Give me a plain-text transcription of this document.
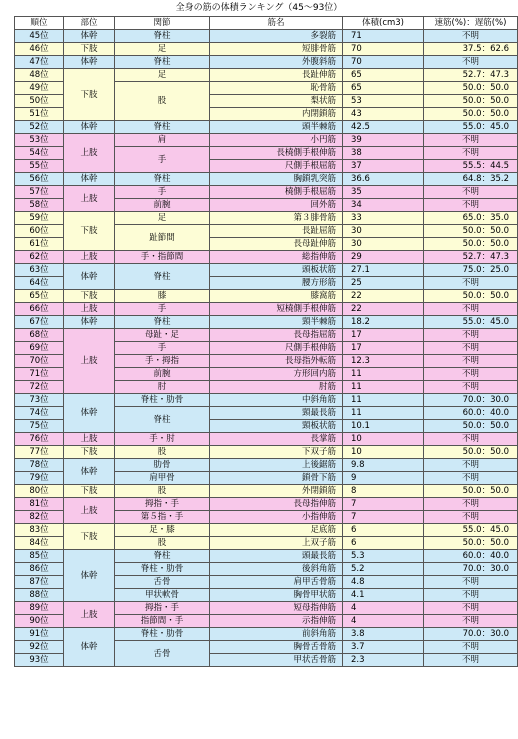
全身の筋の体積ランキング（45〜93位）
順位	部位	関節	筋名	体積(cm3)	速筋(%)：遅筋(%)
45位	体幹	脊柱	多裂筋	71	不明
46位	下肢	足	短腓骨筋	70	37.5：62.6
47位	体幹	脊柱	外腹斜筋	70	不明
48位	下肢	足	長趾伸筋	65	52.7：47.3
49位		股	恥骨筋	65	50.0：50.0
50位			梨状筋	53	50.0：50.0
51位			内閉鎖筋	43	50.0：50.0
52位	体幹	脊柱	頭半棘筋	42.5	55.0：45.0
53位	上肢	肩	小円筋	39	不明
54位		手	長橈側手根伸筋	38	不明
55位			尺側手根屈筋	37	55.5：44.5
56位	体幹	脊柱	胸鎖乳突筋	36.6	64.8：35.2
57位	上肢	手	橈側手根屈筋	35	不明
58位		前腕	回外筋	34	不明
59位	下肢	足	第３腓骨筋	33	65.0：35.0
60位		趾節間	長趾屈筋	30	50.0：50.0
61位			長母趾伸筋	30	50.0：50.0
62位	上肢	手・指節間	総指伸筋	29	52.7：47.3
63位	体幹	脊柱	頭板状筋	27.1	75.0：25.0
64位			腰方形筋	25	不明
65位	下肢	膝	膝窩筋	22	50.0：50.0
66位	上肢	手	短橈側手根伸筋	22	不明
67位	体幹	脊柱	頸半棘筋	18.2	55.0：45.0
68位	上肢	母趾・足	長母指屈筋	17	不明
69位		手	尺側手根伸筋	17	不明
70位		手・拇指	長母指外転筋	12.3	不明
71位		前腕	方形回内筋	11	不明
72位		肘	肘筋	11	不明
73位	体幹	脊柱・肋骨	中斜角筋	11	70.0：30.0
74位		脊柱	頸最長筋	11	60.0：40.0
75位			頸板状筋	10.1	50.0：50.0
76位	上肢	手・肘	長掌筋	10	不明
77位	下肢	股	下双子筋	10	50.0：50.0
78位	体幹	肋骨	上後鋸筋	9.8	不明
79位		肩甲骨	鎖骨下筋	9	不明
80位	下肢	股	外閉鎖筋	8	50.0：50.0
81位	上肢	拇指・手	長母指伸筋	7	不明
82位		第５指・手	小指伸筋	7	不明
83位	下肢	足・膝	足底筋	6	55.0：45.0
84位		股	上双子筋	6	50.0：50.0
85位	体幹	脊柱	頭最長筋	5.3	60.0：40.0
86位		脊柱・肋骨	後斜角筋	5.2	70.0：30.0
87位		舌骨	肩甲舌骨筋	4.8	不明
88位		甲状軟骨	胸骨甲状筋	4.1	不明
89位	上肢	拇指・手	短母指伸筋	4	不明
90位		指節間・手	示指伸筋	4	不明
91位	体幹	脊柱・肋骨	前斜角筋	3.8	70.0：30.0
92位		舌骨	胸骨舌骨筋	3.7	不明
93位			甲状舌骨筋	2.3	不明
